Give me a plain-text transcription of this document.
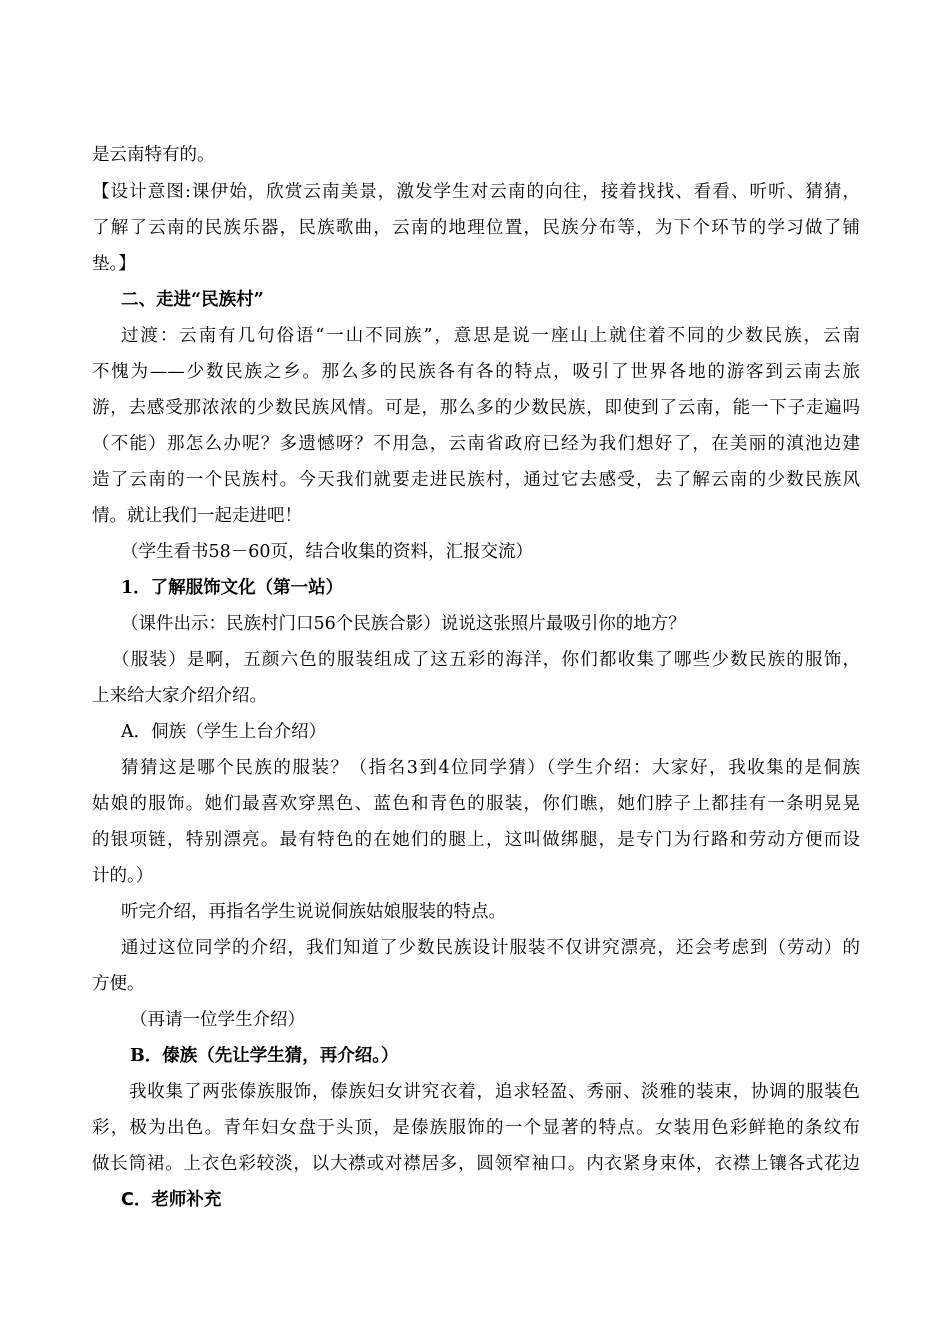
是云南特有的。
【设计意图:课伊始，欣赏云南美景，激发学生对云南的向往，接着找找、看看、听听、猜猜，
了解了云南的民族乐器，民族歌曲，云南的地理位置，民族分布等，为下个环节的学习做了铺
垫。】
二、走进“民族村”
过渡：云南有几句俗语“一山不同族”，意思是说一座山上就住着不同的少数民族，云南
不愧为——少数民族之乡。那么多的民族各有各的特点，吸引了世界各地的游客到云南去旅
游，去感受那浓浓的少数民族风情。可是，那么多的少数民族，即使到了云南，能一下子走遍吗
（不能）那怎么办呢？多遗憾呀？不用急，云南省政府已经为我们想好了，在美丽的滇池边建
造了云南的一个民族村。今天我们就要走进民族村，通过它去感受，去了解云南的少数民族风
情。就让我们一起走进吧！
（学生看书58－60页，结合收集的资料，汇报交流）
1．了解服饰文化（第一站）
（课件出示：民族村门口56个民族合影）说说这张照片最吸引你的地方？
（服装）是啊，五颜六色的服装组成了这五彩的海洋，你们都收集了哪些少数民族的服饰，
上来给大家介绍介绍。
A．侗族（学生上台介绍）
猜猜这是哪个民族的服装？（指名3到4位同学猜）（学生介绍：大家好，我收集的是侗族
姑娘的服饰。她们最喜欢穿黑色、蓝色和青色的服装，你们瞧，她们脖子上都挂有一条明晃晃
的银项链，特别漂亮。最有特色的在她们的腿上，这叫做绑腿，是专门为行路和劳动方便而设
计的。）
听完介绍，再指名学生说说侗族姑娘服装的特点。
通过这位同学的介绍，我们知道了少数民族设计服装不仅讲究漂亮，还会考虑到（劳动）的
方便。
（再请一位学生介绍）
B．傣族（先让学生猜，再介绍。）
我收集了两张傣族服饰，傣族妇女讲究衣着，追求轻盈、秀丽、淡雅的装束，协调的服装色
彩，极为出色。青年妇女盘于头顶，是傣族服饰的一个显著的特点。女装用色彩鲜艳的条纹布
做长筒裙。上衣色彩较淡，以大襟或对襟居多，圆领窄袖口。内衣紧身束体，衣襟上镶各式花边
C．老师补充
